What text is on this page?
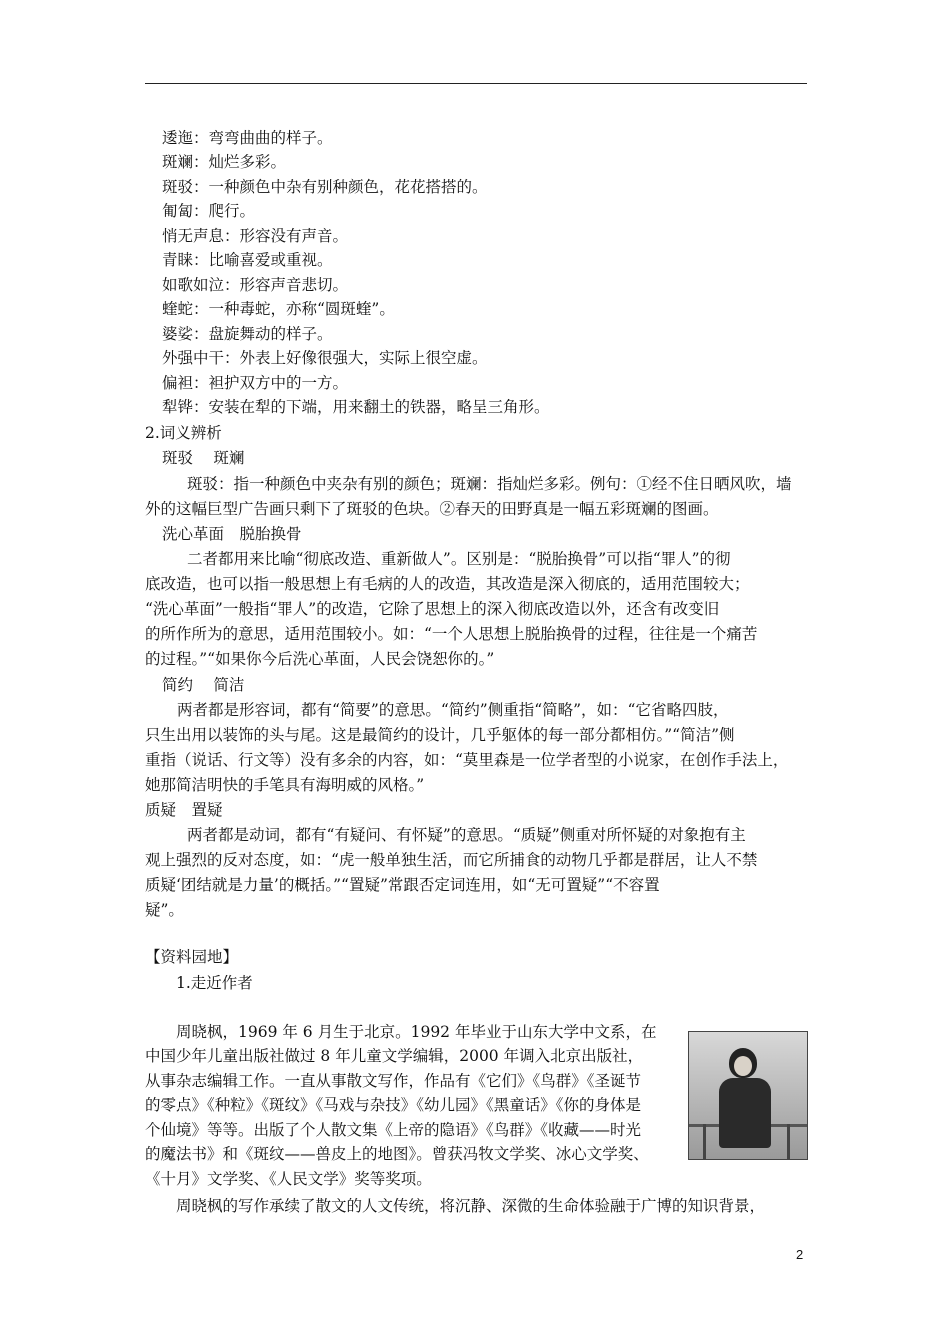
逶迤：弯弯曲曲的样子。
斑斓：灿烂多彩。
斑驳：一种颜色中杂有别种颜色，花花搭搭的。
匍匐：爬行。
悄无声息：形容没有声音。
青睐：比喻喜爱或重视。
如歌如泣：形容声音悲切。
蝰蛇：一种毒蛇，亦称“圆斑蝰”。
婆娑：盘旋舞动的样子。
外强中干：外表上好像很强大，实际上很空虚。
偏袒：袒护双方中的一方。
犁铧：安装在犁的下端，用来翻土的铁器，略呈三角形。
2.词义辨析
斑驳　 斑斓
斑驳：指一种颜色中夹杂有别的颜色；斑斓：指灿烂多彩。例句：①经不住日晒风吹，墙
外的这幅巨型广告画只剩下了斑驳的色块。②春天的田野真是一幅五彩斑斓的图画。
洗心革面　脱胎换骨
二者都用来比喻“彻底改造、重新做人”。区别是：“脱胎换骨”可以指“罪人”的彻
底改造，也可以指一般思想上有毛病的人的改造，其改造是深入彻底的，适用范围较大；
“洗心革面”一般指“罪人”的改造，它除了思想上的深入彻底改造以外，还含有改变旧
的所作所为的意思，适用范围较小。如：“一个人思想上脱胎换骨的过程，往往是一个痛苦
的过程。”“如果你今后洗心革面，人民会饶恕你的。”
简约　 简洁
两者都是形容词，都有“简要”的意思。“简约”侧重指“简略”，如：“它省略四肢，
只生出用以装饰的头与尾。这是最简约的设计，几乎躯体的每一部分都相仿。”“简洁”侧
重指（说话、行文等）没有多余的内容，如：“莫里森是一位学者型的小说家，在创作手法上，
她那简洁明快的手笔具有海明威的风格。”
质疑　置疑
两者都是动词，都有“有疑问、有怀疑”的意思。“质疑”侧重对所怀疑的对象抱有主
观上强烈的反对态度，如：“虎一般单独生活，而它所捕食的动物几乎都是群居，让人不禁
质疑‘团结就是力量’的概括。”“置疑”常跟否定词连用，如“无可置疑”“不容置
疑”。
【资料园地】
1.走近作者
周晓枫，1969 年 6 月生于北京。1992 年毕业于山东大学中文系，在
中国少年儿童出版社做过 8 年儿童文学编辑，2000 年调入北京出版社，
从事杂志编辑工作。一直从事散文写作，作品有《它们》《鸟群》《圣诞节
的零点》《种粒》《斑纹》《马戏与杂技》《幼儿园》《黑童话》《你的身体是
个仙境》等等。出版了个人散文集《上帝的隐语》《鸟群》《收藏——时光
的魔法书》和《斑纹——兽皮上的地图》。曾获冯牧文学奖、冰心文学奖、
《十月》文学奖、《人民文学》奖等奖项。
周晓枫的写作承续了散文的人文传统，将沉静、深微的生命体验融于广博的知识背景，
2
